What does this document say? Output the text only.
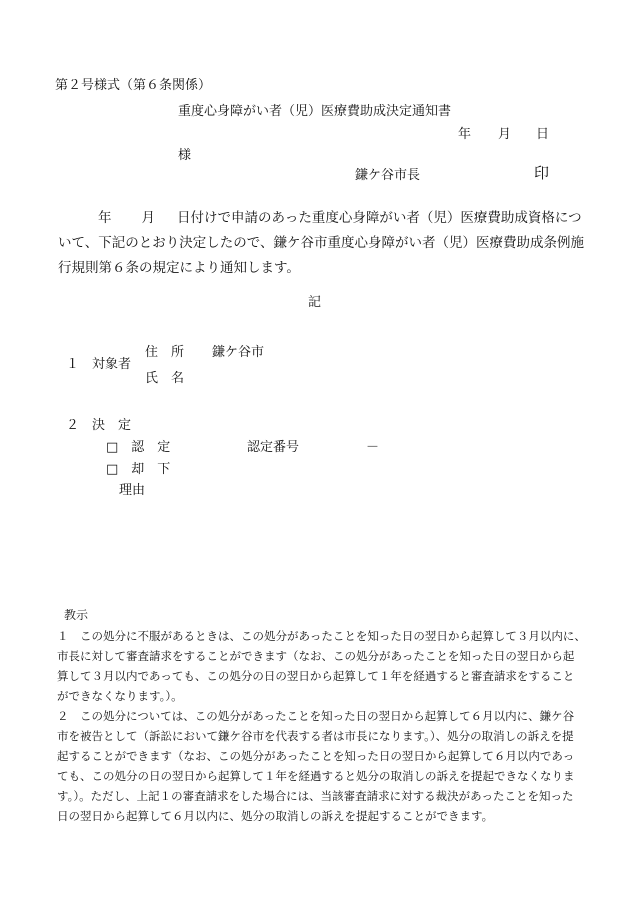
第２号様式（第６条関係）
重度心身障がい者（児）医療費助成決定通知書
年 月 日
様
鎌ケ谷市長	印
年 月 日付けで申請のあった重度心身障がい者（児）医療費助成資格につ
いて、下記のとおり決定したので、鎌ケ谷市重度心身障がい者（児）医療費助成条例施
行規則第６条の規定により通知します。
記
１　対象者
住　所 鎌ケ谷市
氏　名
２　決　定
□　認　定	認定番号	－
□　却　下
理由
教示
１　この処分に不服があるときは、この処分があったことを知った日の翌日から起算して３月以内に、
市長に対して審査請求をすることができます（なお、この処分があったことを知った日の翌日から起
算して３月以内であっても、この処分の日の翌日から起算して１年を経過すると審査請求をすること
ができなくなります。）。
２　この処分については、この処分があったことを知った日の翌日から起算して６月以内に、鎌ケ谷
市を被告として（訴訟において鎌ケ谷市を代表する者は市長になります。）、処分の取消しの訴えを提
起することができます（なお、この処分があったことを知った日の翌日から起算して６月以内であっ
ても、この処分の日の翌日から起算して１年を経過すると処分の取消しの訴えを提起できなくなりま
す。）。ただし、上記１の審査請求をした場合には、当該審査請求に対する裁決があったことを知った
日の翌日から起算して６月以内に、処分の取消しの訴えを提起することができます。
